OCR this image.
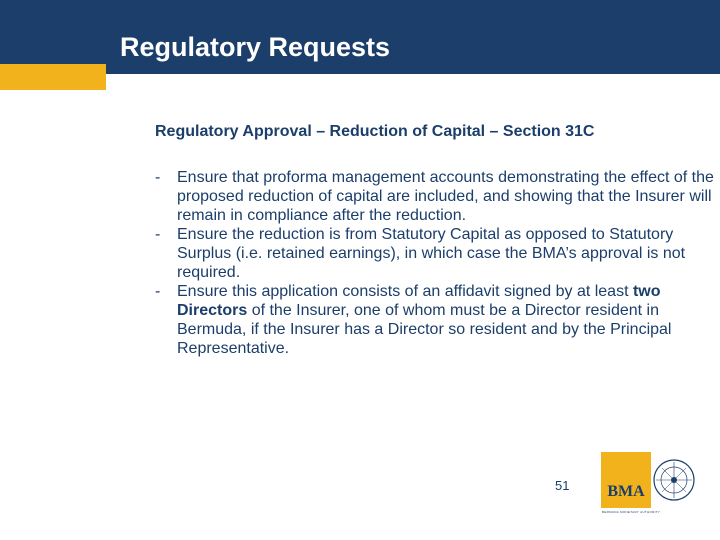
Regulatory Requests
Regulatory Approval – Reduction of Capital – Section 31C
- Ensure that proforma management accounts demonstrating the effect of the proposed reduction of capital are included, and showing that the Insurer will remain in compliance after the reduction.
- Ensure the reduction is from Statutory Capital as opposed to Statutory Surplus (i.e. retained earnings), in which case the BMA’s approval is not required.
- Ensure this application consists of an affidavit signed by at least two Directors of the Insurer, one of whom must be a Director resident in Bermuda, if the Insurer has a Director so resident and by the Principal Representative.
51 BMA
BERMUDA MONETARY AUTHORITY
